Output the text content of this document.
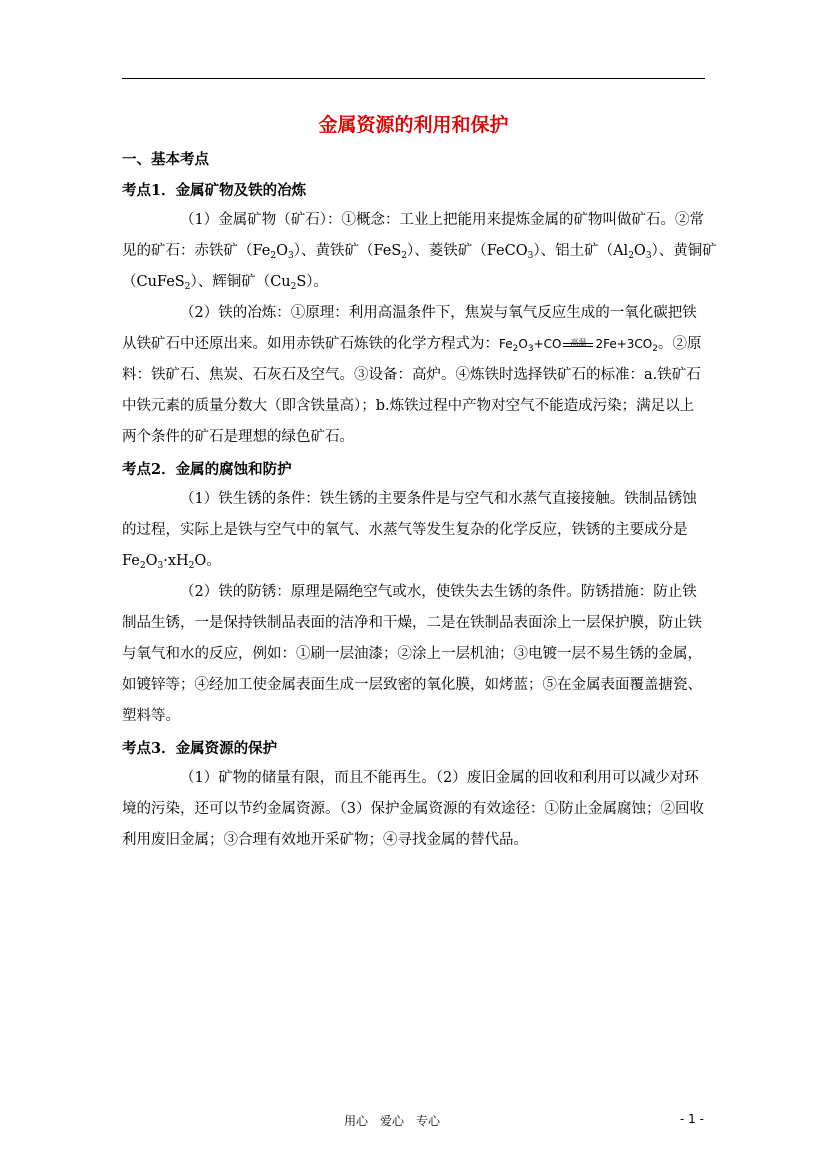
金属资源的利用和保护
一、基本考点
考点1．金属矿物及铁的冶炼
（1）金属矿物（矿石）：①概念：工业上把能用来提炼金属的矿物叫做矿石。②常
见的矿石：赤铁矿$(Fe_2O_3)$、黄铁矿（FeS$_2$）、菱铁矿（FeCO$_3$）、铝土矿$(Al_2O_3)$、黄铜矿
（CuFeS$_2$）、辉铜矿$(Cu_2S)$。
（2）铁的冶炼：①原理：利用高温条件下，焦炭与氧气反应生成的一氧化碳把铁
从铁矿石中还原出来。如用赤铁矿石炼铁的化学方程式为：$Fe_2O_3+CO$	高温 $2Fe+3CO_2$。②原
料：铁矿石、焦炭、石灰石及空气。③设备：高炉。④炼铁时选择铁矿石的标准：a.铁矿石
中铁元素的质量分数大（即含铁量高）；b.炼铁过程中产物对空气不能造成污染；满足以上
两个条件的矿石是理想的绿色矿石。
考点2．金属的腐蚀和防护
（1）铁生锈的条件：铁生锈的主要条件是与空气和水蒸气直接接触。铁制品锈蚀
的过程，实际上是铁与空气中的氧气、水蒸气等发生复杂的化学反应，铁锈的主要成分是
$Fe_2O_3\cdot xH_2O$。
（2）铁的防锈：原理是隔绝空气或水，使铁失去生锈的条件。防锈措施：防止铁
制品生锈，一是保持铁制品表面的洁净和干燥，二是在铁制品表面涂上一层保护膜，防止铁
与氧气和水的反应，例如：①刷一层油漆；②涂上一层机油；③电镀一层不易生锈的金属，
如镀锌等；④经加工使金属表面生成一层致密的氧化膜，如烤蓝；⑤在金属表面覆盖搪瓷、
塑料等。
考点3．金属资源的保护
（1）矿物的储量有限，而且不能再生。（2）废旧金属的回收和利用可以减少对环
境的污染，还可以节约金属资源。（3）保护金属资源的有效途径：①防止金属腐蚀；②回收
利用废旧金属；③合理有效地开采矿物；④寻找金属的替代品。
用心　爱心　专心	- 1 -
